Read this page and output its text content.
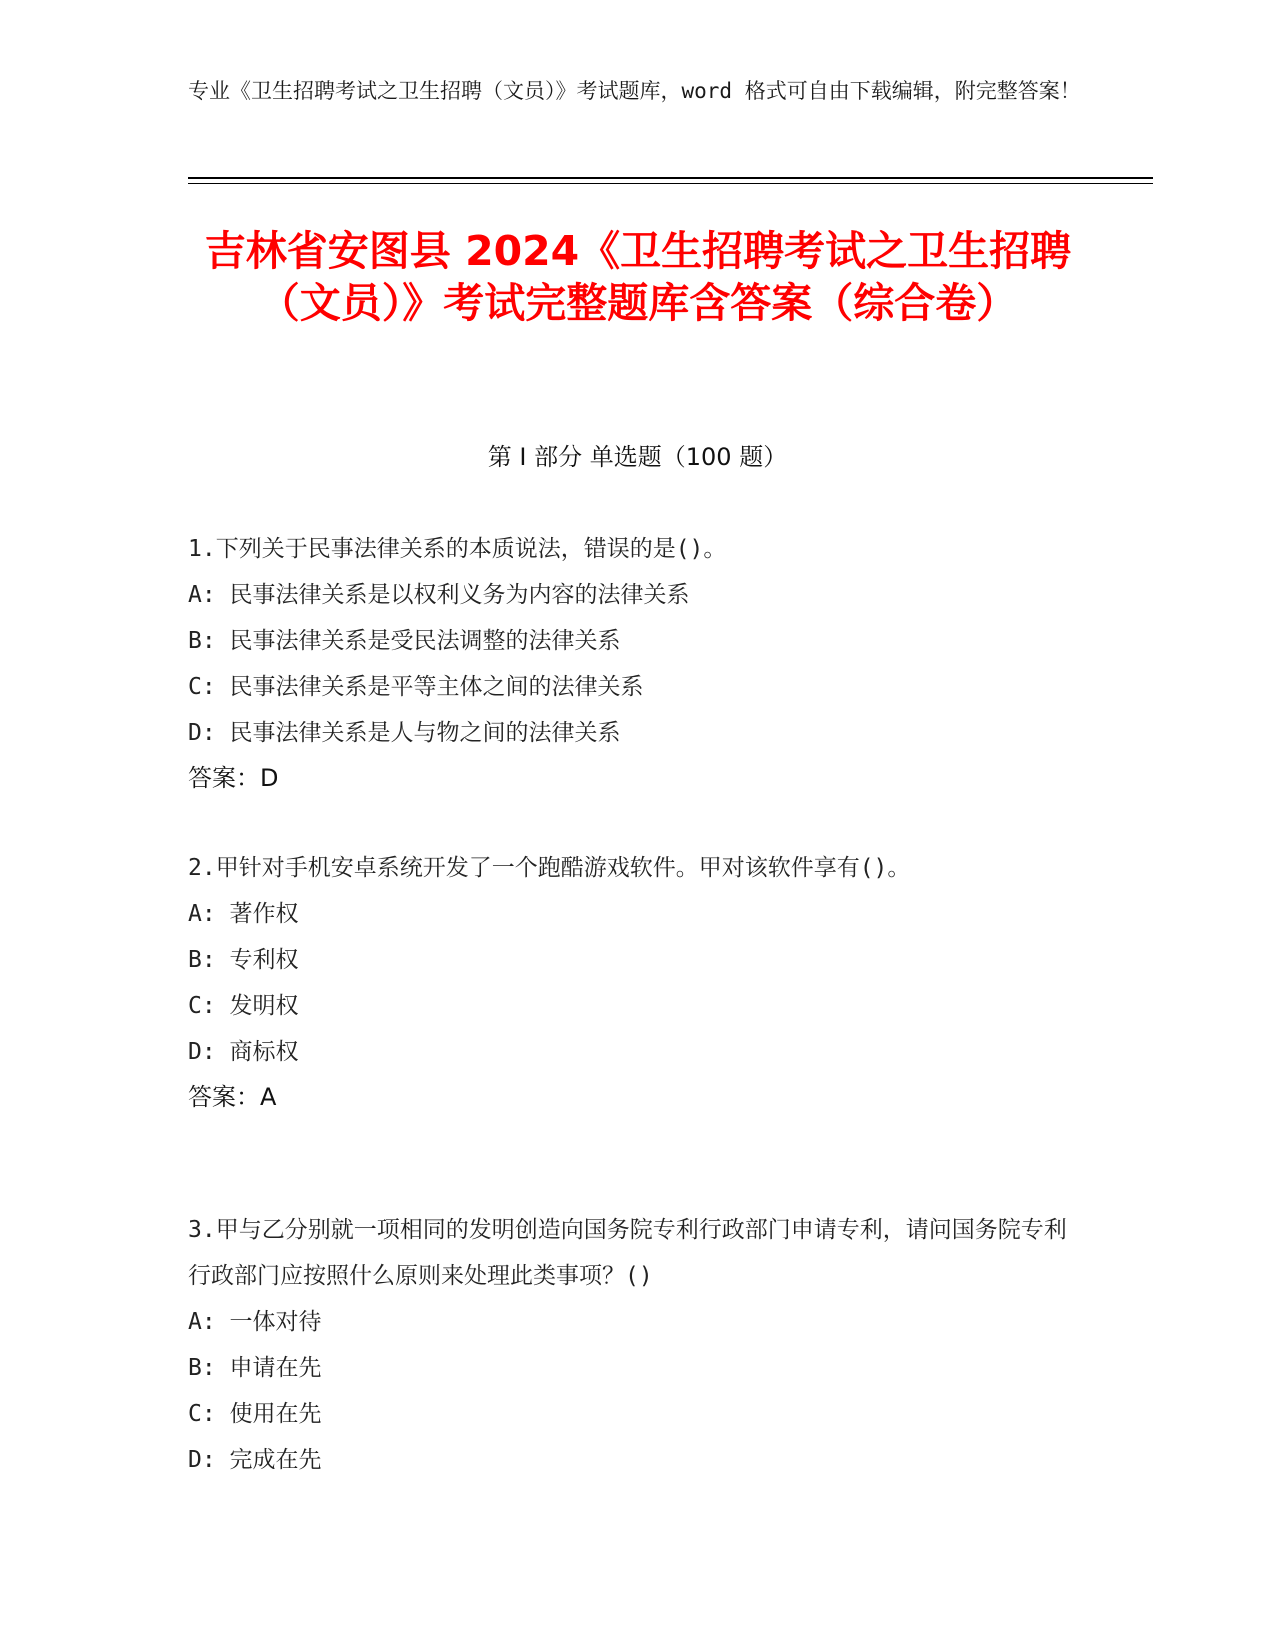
专业《卫生招聘考试之卫生招聘（文员）》考试题库，word 格式可自由下载编辑，附完整答案！
吉林省安图县 2024《卫生招聘考试之卫生招聘（文员）》考试完整题库含答案（综合卷）
第 I 部分 单选题（100 题）
1.下列关于民事法律关系的本质说法，错误的是()。
A: 民事法律关系是以权利义务为内容的法律关系
B: 民事法律关系是受民法调整的法律关系
C: 民事法律关系是平等主体之间的法律关系
D: 民事法律关系是人与物之间的法律关系
答案：D
2.甲针对手机安卓系统开发了一个跑酷游戏软件。甲对该软件享有()。
A: 著作权
B: 专利权
C: 发明权
D: 商标权
答案：A
3.甲与乙分别就一项相同的发明创造向国务院专利行政部门申请专利，请问国务院专利行政部门应按照什么原则来处理此类事项？()
A: 一体对待
B: 申请在先
C: 使用在先
D: 完成在先
